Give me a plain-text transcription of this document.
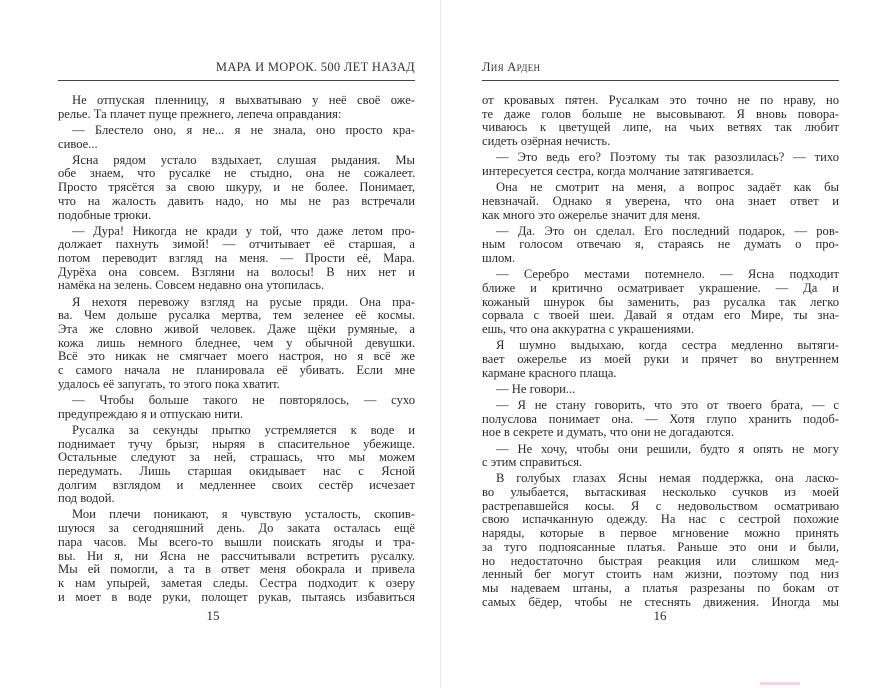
МАРА И МОРОК. 500 ЛЕТ НАЗАД
Не отпуская пленницу, я выхватываю у неё своё оже-
релье. Та плачет пуще прежнего, лепеча оправдания:
— Блестело оно, я не... я не знала, оно просто кра-
сивое...
Ясна рядом устало вздыхает, слушая рыдания. Мы
обе знаем, что русалке не стыдно, она не сожалеет.
Просто трясётся за свою шкуру, и не более. Понимает,
что на жалость давить надо, но мы не раз встречали
подобные трюки.
— Дура! Никогда не кради у той, что даже летом про-
должает пахнуть зимой! — отчитывает её старшая, а
потом переводит взгляд на меня. — Прости её, Мара.
Дурёха она совсем. Взгляни на волосы! В них нет и
намёка на зелень. Совсем недавно она утопилась.
Я нехотя перевожу взгляд на русые пряди. Она пра-
ва. Чем дольше русалка мертва, тем зеленее её космы.
Эта же словно живой человек. Даже щёки румяные, а
кожа лишь немного бледнее, чем у обычной девушки.
Всё это никак не смягчает моего настроя, но я всё же
с самого начала не планировала её убивать. Если мне
удалось её запугать, то этого пока хватит.
— Чтобы больше такого не повторялось, — сухо
предупреждаю я и отпускаю нити.
Русалка за секунды прытко устремляется к воде и
поднимает тучу брызг, ныряя в спасительное убежище.
Остальные следуют за ней, страшась, что мы можем
передумать. Лишь старшая окидывает нас с Ясной
долгим взглядом и медленнее своих сестёр исчезает
под водой.
Мои плечи поникают, я чувствую усталость, скопив-
шуюся за сегодняшний день. До заката осталась ещё
пара часов. Мы всего-то вышли поискать ягоды и тра-
вы. Ни я, ни Ясна не рассчитывали встретить русалку.
Мы ей помогли, а та в ответ меня обокрала и привела
к нам упырей, заметая следы. Сестра подходит к озеру
и моет в воде руки, полощет рукав, пытаясь избавиться
15
Лия Арден
от кровавых пятен. Русалкам это точно не по нраву, но
те даже голов больше не высовывают. Я вновь повора-
чиваюсь к цветущей липе, на чьих ветвях так любит
сидеть озёрная нечисть.
— Это ведь его? Поэтому ты так разозлилась? — тихо
интересуется сестра, когда молчание затягивается.
Она не смотрит на меня, а вопрос задаёт как бы
невзначай. Однако я уверена, что она знает ответ и
как много это ожерелье значит для меня.
— Да. Это он сделал. Его последний подарок, — ров-
ным голосом отвечаю я, стараясь не думать о про-
шлом.
— Серебро местами потемнело. — Ясна подходит
ближе и критично осматривает украшение. — Да и
кожаный шнурок бы заменить, раз русалка так легко
сорвала с твоей шеи. Давай я отдам его Мире, ты зна-
ешь, что она аккуратна с украшениями.
Я шумно выдыхаю, когда сестра медленно вытяги-
вает ожерелье из моей руки и прячет во внутреннем
кармане красного плаща.
— Не говори...
— Я не стану говорить, что это от твоего брата, — с
полуслова понимает она. — Хотя глупо хранить подоб-
ное в секрете и думать, что они не догадаются.
— Не хочу, чтобы они решили, будто я опять не могу
с этим справиться.
В голубых глазах Ясны немая поддержка, она ласко-
во улыбается, вытаскивая несколько сучков из моей
растрепавшейся косы. Я с недовольством осматриваю
свою испачканную одежду. На нас с сестрой похожие
наряды, которые в первое мгновение можно принять
за туго подпоясанные платья. Раньше это они и были,
но недостаточно быстрая реакция или слишком мед-
ленный бег могут стоить нам жизни, поэтому под низ
мы надеваем штаны, а платья разрезаны по бокам от
самых бёдер, чтобы не стеснять движения. Иногда мы
16
